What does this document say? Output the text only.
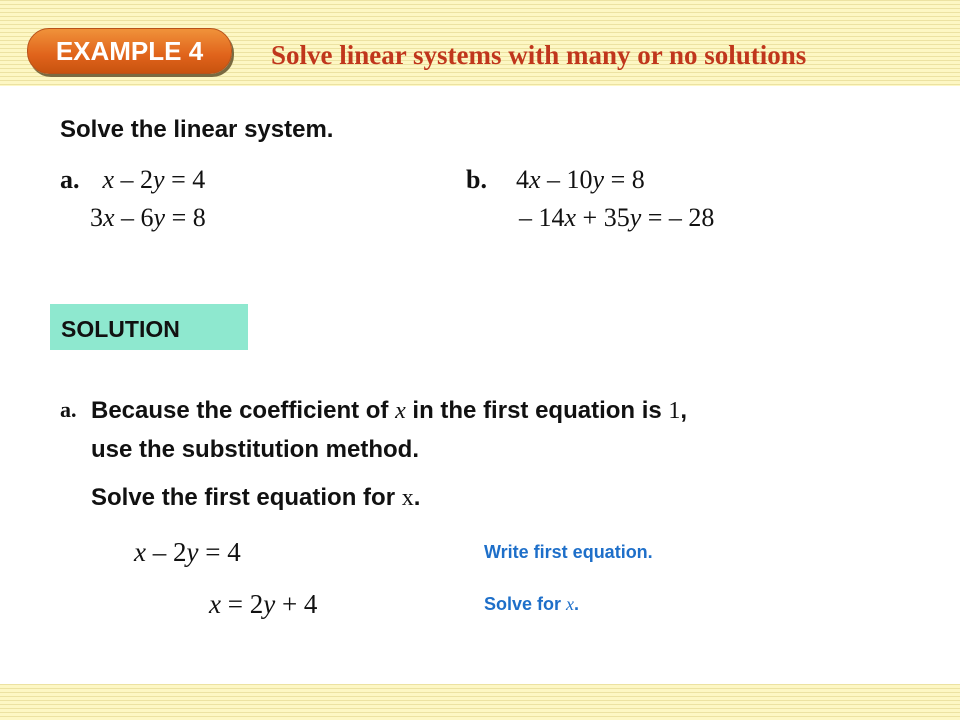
EXAMPLE 4	Solve linear systems with many or no solutions
Solve the linear system.
a. x – 2y = 4
3x – 6y = 8
b. 4x – 10y = 8
– 14x + 35y = – 28
SOLUTION
a. Because the coefficient of x in the first equation is 1,
use the substitution method.
Solve the first equation for x.
x – 2y = 4	Write first equation.
x = 2y + 4	Solve for x.
